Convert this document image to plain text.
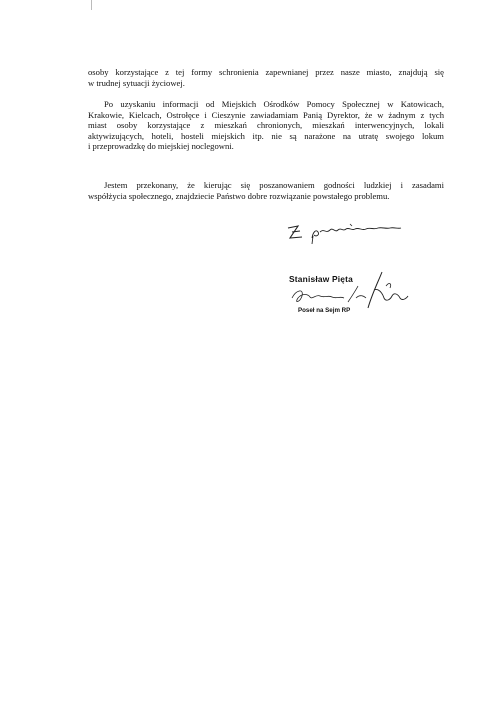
osoby korzystające z tej formy schronienia zapewnianej przez nasze miasto, znajdują się
w trudnej sytuacji życiowej.
Po uzyskaniu informacji od Miejskich Ośrodków Pomocy Społecznej w Katowicach,
Krakowie, Kielcach, Ostrołęce i Cieszynie zawiadamiam Panią Dyrektor, że w żadnym z tych
miast osoby korzystające z mieszkań chronionych, mieszkań interwencyjnych, lokali
aktywizujących, hoteli, hosteli miejskich itp. nie są narażone na utratę swojego lokum
i przeprowadzkę do miejskiej noclegowni.
Jestem przekonany, że kierując się poszanowaniem godności ludzkiej i zasadami
współżycia społecznego, znajdziecie Państwo dobre rozwiązanie powstałego problemu.
Stanisław Pięta
Poseł na Sejm RP
